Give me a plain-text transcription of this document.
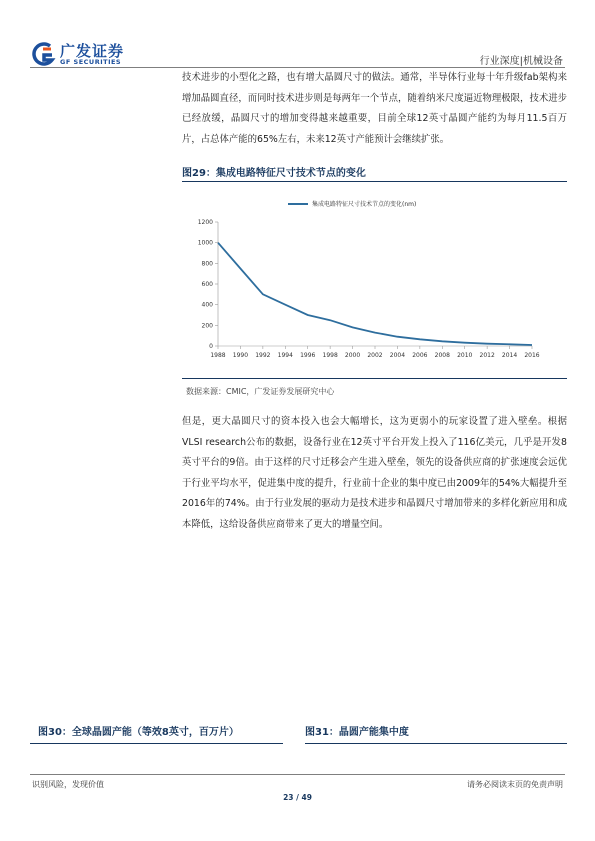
广发证券
GF SECURITIES	行业深度|机械设备
技术进步的小型化之路，也有增大晶圆尺寸的做法。通常，半导体行业每十年升级fab架构来增加晶圆直径，而同时技术进步则是每两年一个节点，随着纳米尺度逼近物理极限，技术进步已经放缓，晶圆尺寸的增加变得越来越重要，目前全球12英寸晶圆产能约为每月11.5百万片，占总体产能的65%左右，未来12英寸产能预计会继续扩张。
图29：集成电路特征尺寸技术节点的变化
0
200
400
600
800
1000
1200
1988 1990 1992 1994 1996 1998 2000 2002 2004 2006 2008 2010 2012 2014 2016
集成电路特征尺寸技术节点的变化(nm)
数据来源：CMIC，广发证券发展研究中心
但是，更大晶圆尺寸的资本投入也会大幅增长，这为更弱小的玩家设置了进入壁垒。根据VLSI research公布的数据，设备行业在12英寸平台开发上投入了116亿美元，几乎是开发8英寸平台的9倍。由于这样的尺寸迁移会产生进入壁垒，领先的设备供应商的扩张速度会远优于行业平均水平，促进集中度的提升，行业前十企业的集中度已由2009年的54%大幅提升至2016年的74%。由于行业发展的驱动力是技术进步和晶圆尺寸增加带来的多样化新应用和成本降低，这给设备供应商带来了更大的增量空间。
图30：全球晶圆产能（等效8英寸，百万片）	图31：晶圆产能集中度
识别风险，发现价值	请务必阅读末页的免责声明
23 / 49
